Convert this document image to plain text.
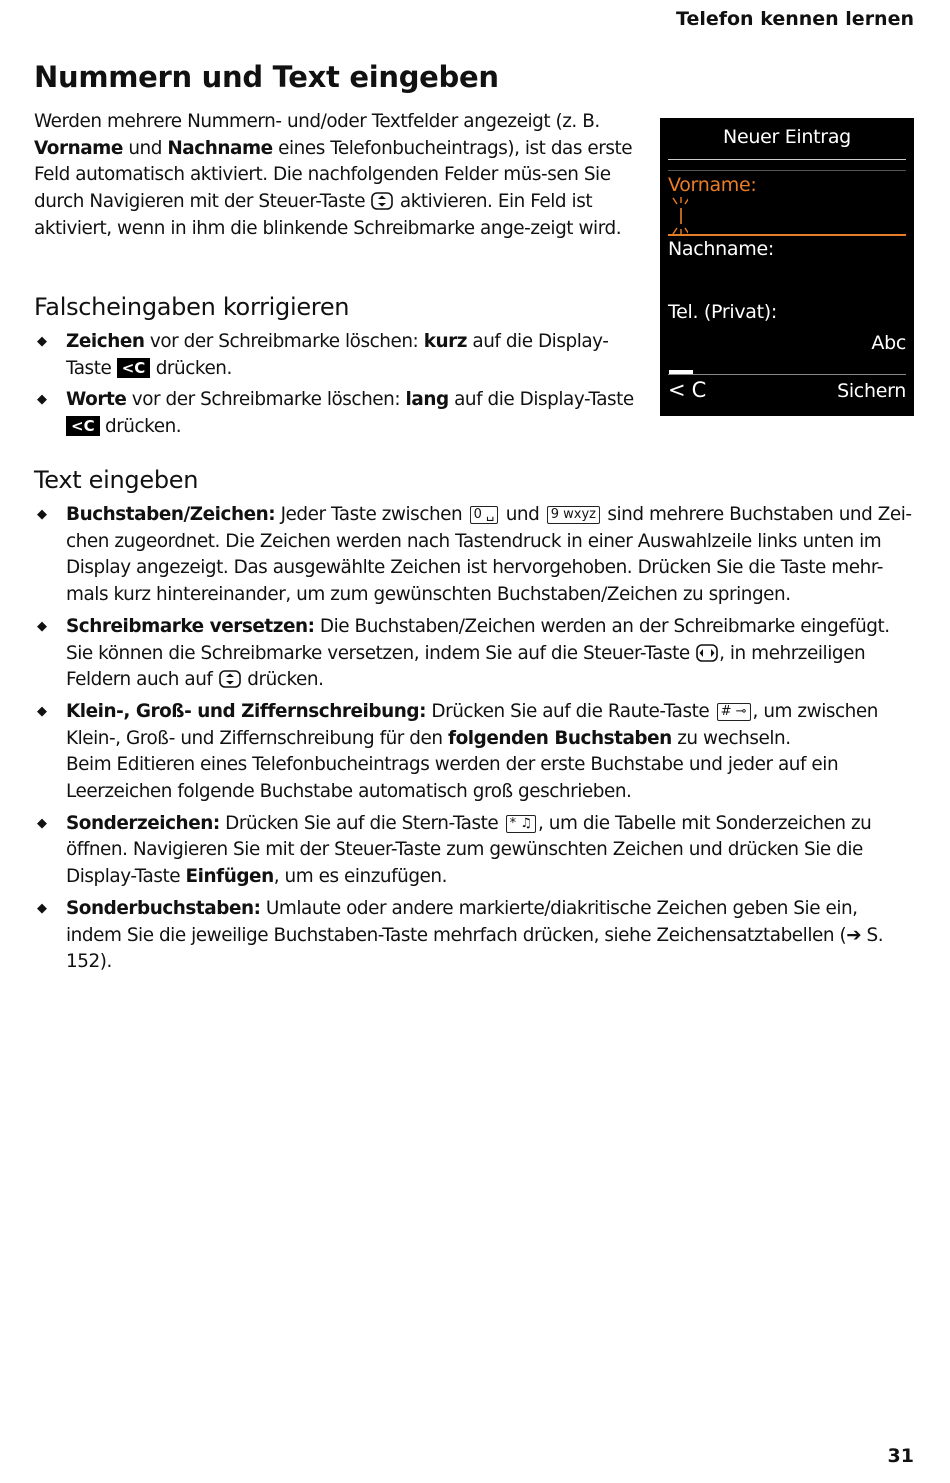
Telefon kennen lernen
Nummern und Text eingeben

Werden mehrere Nummern- und/oder Textfelder angezeigt (z. B. Vorname und Nachname eines Telefonbucheintrags), ist das erste Feld automatisch aktiviert. Die nachfolgenden Felder müs-sen Sie durch Navigieren mit der Steuer-Taste  aktivieren. Ein Feld ist aktiviert, wenn in ihm die blinkende Schreibmarke ange-zeigt wird.

Neuer Eintrag
Vorname:
Nachname:
Tel. (Privat):
Abc
< C	Sichern
Falscheingaben korrigieren
◆ Zeichen vor der Schreibmarke löschen: kurz auf die Display-Taste <C drücken.
◆ Worte vor der Schreibmarke löschen: lang auf die Display-Taste <C drücken.
Text eingeben
◆ Buchstaben/Zeichen: Jeder Taste zwischen 0 ␣ und 9 wxyz sind mehrere Buchstaben und Zei-chen zugeordnet. Die Zeichen werden nach Tastendruck in einer Auswahlzeile links unten im Display angezeigt. Das ausgewählte Zeichen ist hervorgehoben. Drücken Sie die Taste mehr-mals kurz hintereinander, um zum gewünschten Buchstaben/Zeichen zu springen.
◆ Schreibmarke versetzen: Die Buchstaben/Zeichen werden an der Schreibmarke eingefügt. Sie können die Schreibmarke versetzen, indem Sie auf die Steuer-Taste , in mehrzeiligen Feldern auch auf  drücken.
◆ Klein-, Groß- und Ziffernschreibung: Drücken Sie auf die Raute-Taste # ⊸ , um zwischen Klein-, Groß- und Ziffernschreibung für den folgenden Buchstaben zu wechseln.
Beim Editieren eines Telefonbucheintrags werden der erste Buchstabe und jeder auf ein Leerzeichen folgende Buchstabe automatisch groß geschrieben.
◆ Sonderzeichen: Drücken Sie auf die Stern-Taste * ♫ , um die Tabelle mit Sonderzeichen zu öffnen. Navigieren Sie mit der Steuer-Taste zum gewünschten Zeichen und drücken Sie die Display-Taste Einfügen, um es einzufügen.
◆ Sonderbuchstaben: Umlaute oder andere markierte/diakritische Zeichen geben Sie ein, indem Sie die jeweilige Buchstaben-Taste mehrfach drücken, siehe Zeichensatztabellen (➔ S. 152).
31
